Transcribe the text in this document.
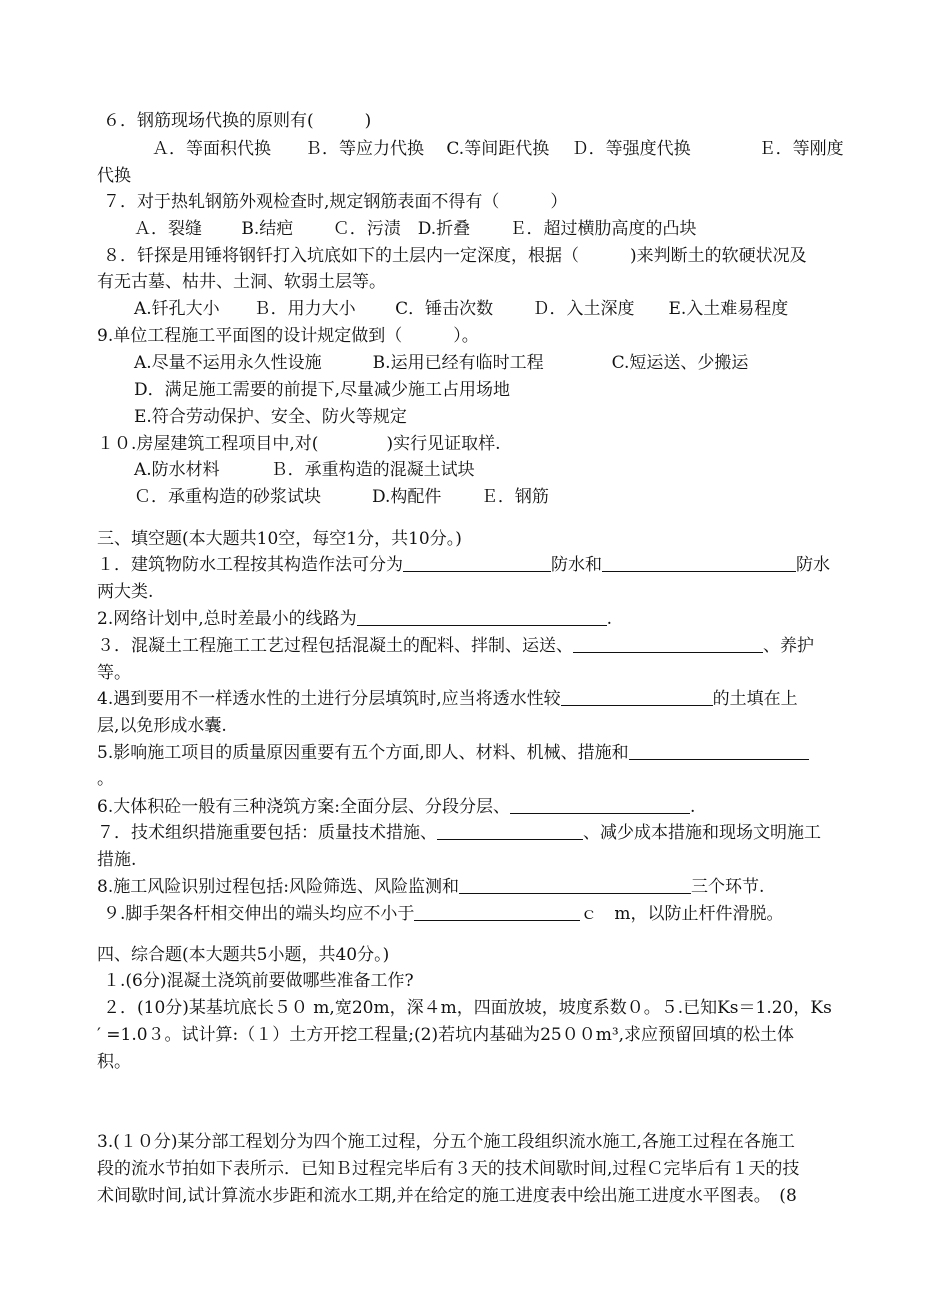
６．钢筋现场代换的原则有(　　　)
Ａ．等面积代换　　Ｂ．等应力代换　 C.等间距代换　 Ｄ．等强度代换　　　　Ｅ．等刚度
代换
７．对于热轧钢筋外观检查时,规定钢筋表面不得有（　　　）
Ａ．裂缝　　 B.结疤　　 Ｃ．污渍　D.折叠　　 Ｅ．超过横肋高度的凸块
８．钎探是用锤将钢钎打入坑底如下的土层内一定深度，根据（　　　)来判断土的软硬状况及
有无古墓、枯井、土洞、软弱土层等。
A.钎孔大小　　Ｂ．用力大小　　 C．锤击次数　　 Ｄ．入土深度　　E.入土难易程度
9.单位工程施工平面图的设计规定做到（　　　）。
A.尽量不运用永久性设施　　　B.运用已经有临时工程　　　　C.短运送、少搬运
D．满足施工需要的前提下,尽量减少施工占用场地
E.符合劳动保护、安全、防火等规定
１０.房屋建筑工程项目中,对(　　　　)实行见证取样.
A.防水材料　　　Ｂ．承重构造的混凝土试块
Ｃ．承重构造的砂浆试块　　　D.构配件　　 Ｅ．钢筋
三、填空题(本大题共10空，每空1分，共10分。)
１．建筑物防水工程按其构造作法可分为	防水和	防水
两大类.
2.网络计划中,总时差最小的线路为	.
３．混凝土工程施工工艺过程包括混凝土的配料、拌制、运送、	、养护
等。
4.遇到要用不一样透水性的土进行分层填筑时,应当将透水性较	的土填在上
层,以免形成水囊.
5.影响施工项目的质量原因重要有五个方面,即人、材料、机械、措施和
。
6.大体积砼一般有三种浇筑方案:全面分层、分段分层、	.
７．技术组织措施重要包括：质量技术措施、	、减少成本措施和现场文明施工
措施.
8.施工风险识别过程包括:风险筛选、风险监测和	三个环节.
９.脚手架各杆相交伸出的端头均应不小于	ｃ　m，以防止杆件滑脱。
四、综合题(本大题共5小题，共40分。)
１.(6分)混凝土浇筑前要做哪些准备工作?
２．(10分)某基坑底长５０ m,宽20m，深４m，四面放坡，坡度系数０。５.已知Ks＝1.20，Ks
′ =1.0３。试计算:（１）土方开挖工程量;(2)若坑内基础为25００m³,求应预留回填的松土体
积。
3.(１０分)某分部工程划分为四个施工过程，分五个施工段组织流水施工,各施工过程在各施工
段的流水节拍如下表所示．已知Ｂ过程完毕后有３天的技术间歇时间,过程Ｃ完毕后有１天的技
术间歇时间,试计算流水步距和流水工期,并在给定的施工进度表中绘出施工进度水平图表。　(8
